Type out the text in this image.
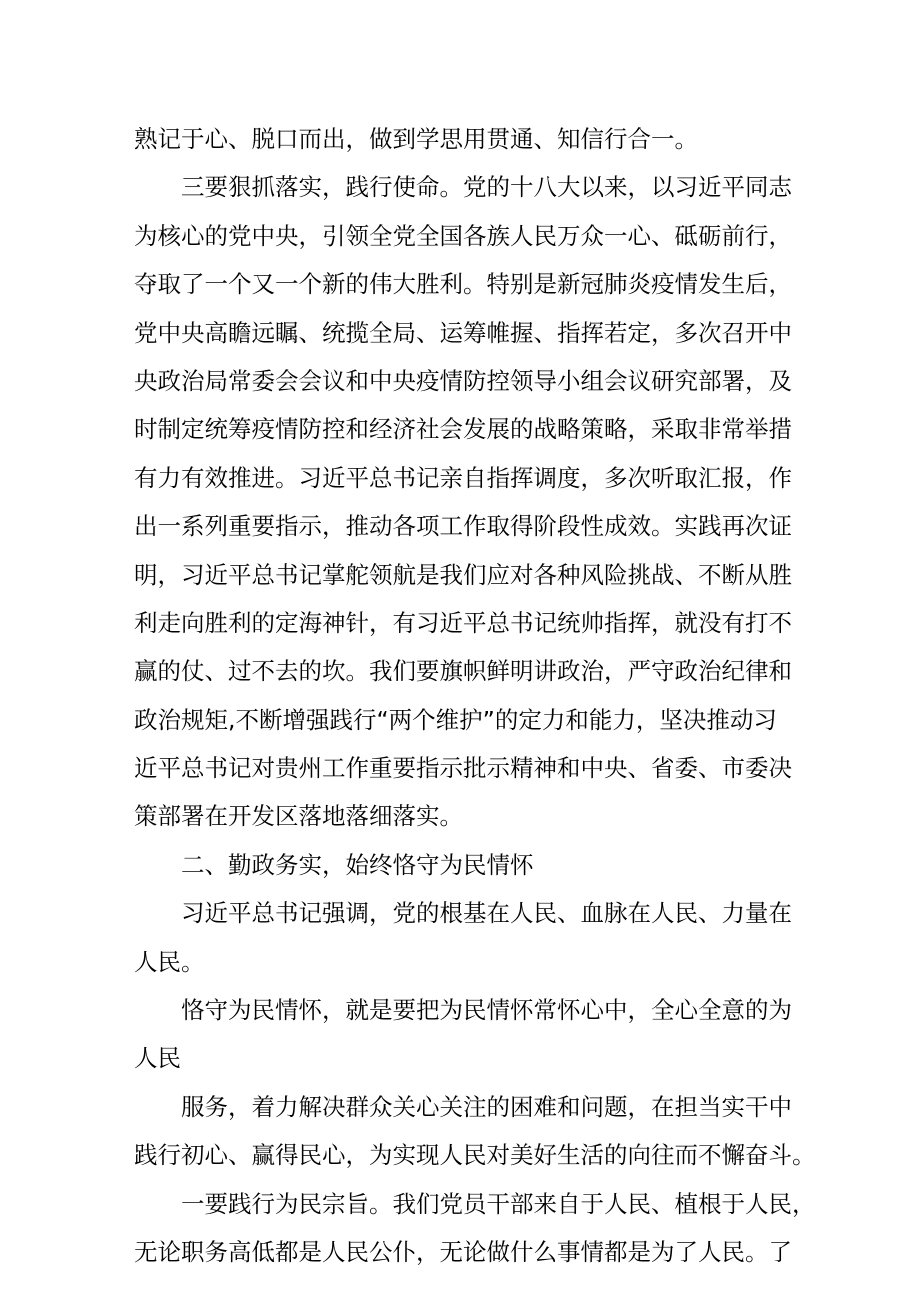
熟记于心、脱口而出，做到学思用贯通、知信行合一。
三要狠抓落实，践行使命。党的十八大以来，以习近平同志
为核心的党中央，引领全党全国各族人民万众一心、砥砺前行，
夺取了一个又一个新的伟大胜利。特别是新冠肺炎疫情发生后，
党中央高瞻远瞩、统揽全局、运筹帷握、指挥若定，多次召开中
央政治局常委会会议和中央疫情防控领导小组会议研究部署，及
时制定统筹疫情防控和经济社会发展的战略策略，采取非常举措
有力有效推进。习近平总书记亲自指挥调度，多次听取汇报，作
出一系列重要指示，推动各项工作取得阶段性成效。实践再次证
明，习近平总书记掌舵领航是我们应对各种风险挑战、不断从胜
利走向胜利的定海神针，有习近平总书记统帅指挥，就没有打不
赢的仗、过不去的坎。我们要旗帜鲜明讲政治，严守政治纪律和
政治规矩,不断增强践行“两个维护”的定力和能力，坚决推动习
近平总书记对贵州工作重要指示批示精神和中央、省委、市委决
策部署在开发区落地落细落实。
二、勤政务实，始终恪守为民情怀
习近平总书记强调，党的根基在人民、血脉在人民、力量在
人民。
恪守为民情怀，就是要把为民情怀常怀心中，全心全意的为
人民
服务，着力解决群众关心关注的困难和问题，在担当实干中
践行初心、赢得民心，为实现人民对美好生活的向往而不懈奋斗。
一要践行为民宗旨。我们党员干部来自于人民、植根于人民，
无论职务高低都是人民公仆，无论做什么事情都是为了人民。了
